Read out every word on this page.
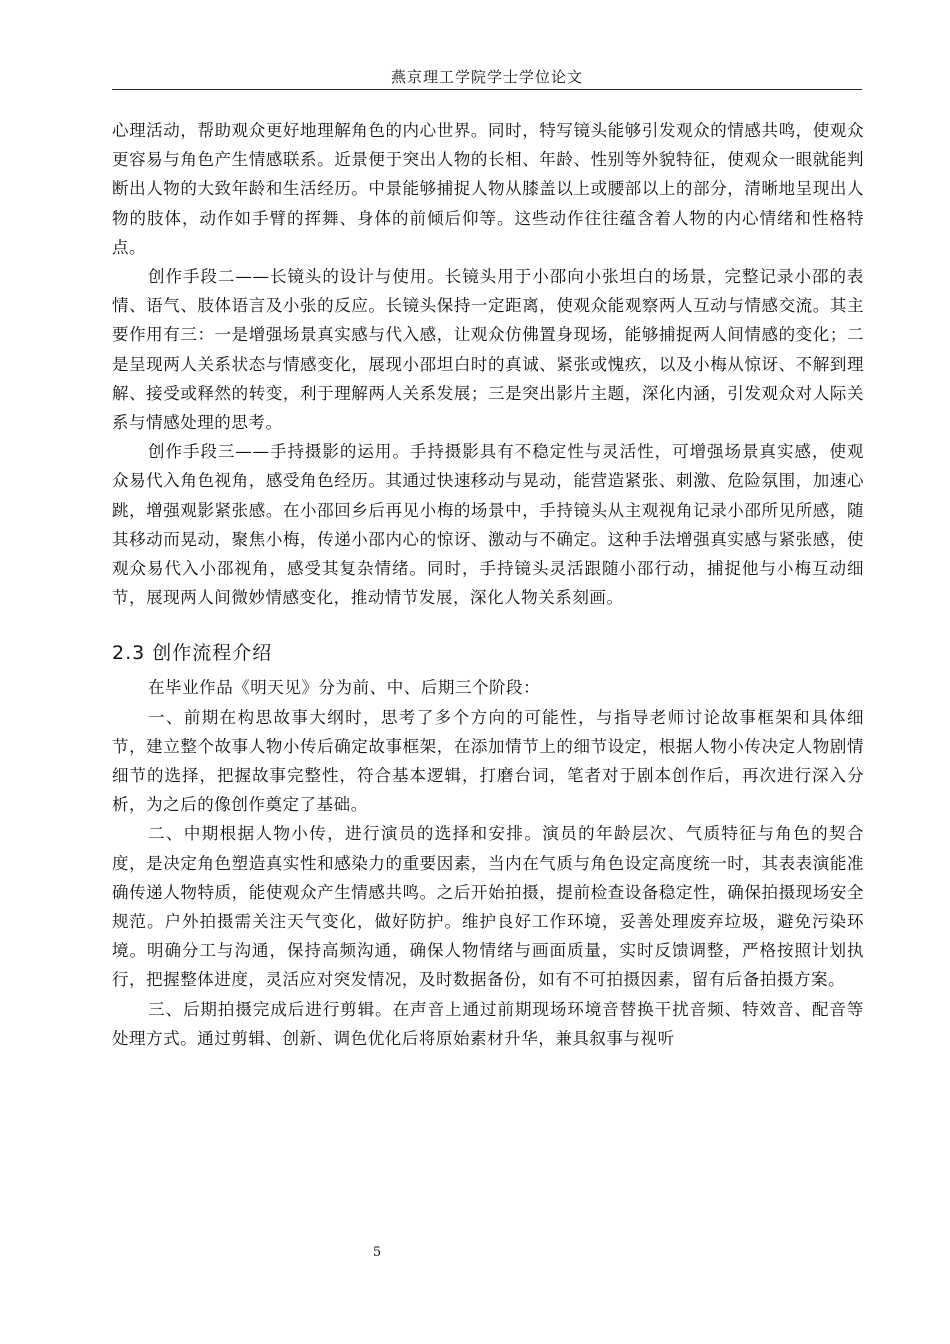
燕京理工学院学士学位论文

心理活动，帮助观众更好地理解角色的内心世界。同时，特写镜头能够引发观众的情感共鸣，使观众更容易与角色产生情感联系。近景便于突出人物的长相、年龄、性别等外貌特征，使观众一眼就能判断出人物的大致年龄和生活经历。中景能够捕捉人物从膝盖以上或腰部以上的部分，清晰地呈现出人物的肢体，动作如手臂的挥舞、身体的前倾后仰等。这些动作往往蕴含着人物的内心情绪和性格特点。

创作手段二——长镜头的设计与使用。长镜头用于小邵向小张坦白的场景，完整记录小邵的表情、语气、肢体语言及小张的反应。长镜头保持一定距离，使观众能观察两人互动与情感交流。其主要作用有三：一是增强场景真实感与代入感，让观众仿佛置身现场，能够捕捉两人间情感的变化；二是呈现两人关系状态与情感变化，展现小邵坦白时的真诚、紧张或愧疚，以及小梅从惊讶、不解到理解、接受或释然的转变，利于理解两人关系发展；三是突出影片主题，深化内涵，引发观众对人际关系与情感处理的思考。

创作手段三——手持摄影的运用。手持摄影具有不稳定性与灵活性，可增强场景真实感，使观众易代入角色视角，感受角色经历。其通过快速移动与晃动，能营造紧张、刺激、危险氛围，加速心跳，增强观影紧张感。在小邵回乡后再见小梅的场景中，手持镜头从主观视角记录小邵所见所感，随其移动而晃动，聚焦小梅，传递小邵内心的惊讶、激动与不确定。这种手法增强真实感与紧张感，使观众易代入小邵视角，感受其复杂情绪。同时，手持镜头灵活跟随小邵行动，捕捉他与小梅互动细节，展现两人间微妙情感变化，推动情节发展，深化人物关系刻画。

2.3 创作流程介绍

在毕业作品《明天见》分为前、中、后期三个阶段：

一、前期在构思故事大纲时，思考了多个方向的可能性，与指导老师讨论故事框架和具体细节，建立整个故事人物小传后确定故事框架，在添加情节上的细节设定，根据人物小传决定人物剧情细节的选择，把握故事完整性，符合基本逻辑，打磨台词，笔者对于剧本创作后，再次进行深入分析，为之后的像创作奠定了基础。

二、中期根据人物小传，进行演员的选择和安排。演员的年龄层次、气质特征与角色的契合度，是决定角色塑造真实性和感染力的重要因素，当内在气质与角色设定高度统一时，其表表演能准确传递人物特质，能使观众产生情感共鸣。之后开始拍摄，提前检查设备稳定性，确保拍摄现场安全规范。户外拍摄需关注天气变化，做好防护。维护良好工作环境，妥善处理废弃垃圾，避免污染环境。明确分工与沟通，保持高频沟通，确保人物情绪与画面质量，实时反馈调整，严格按照计划执行，把握整体进度，灵活应对突发情况，及时数据备份，如有不可拍摄因素，留有后备拍摄方案。

三、后期拍摄完成后进行剪辑。在声音上通过前期现场环境音替换干扰音频、特效音、配音等处理方式。通过剪辑、创新、调色优化后将原始素材升华，兼具叙事与视听

5
